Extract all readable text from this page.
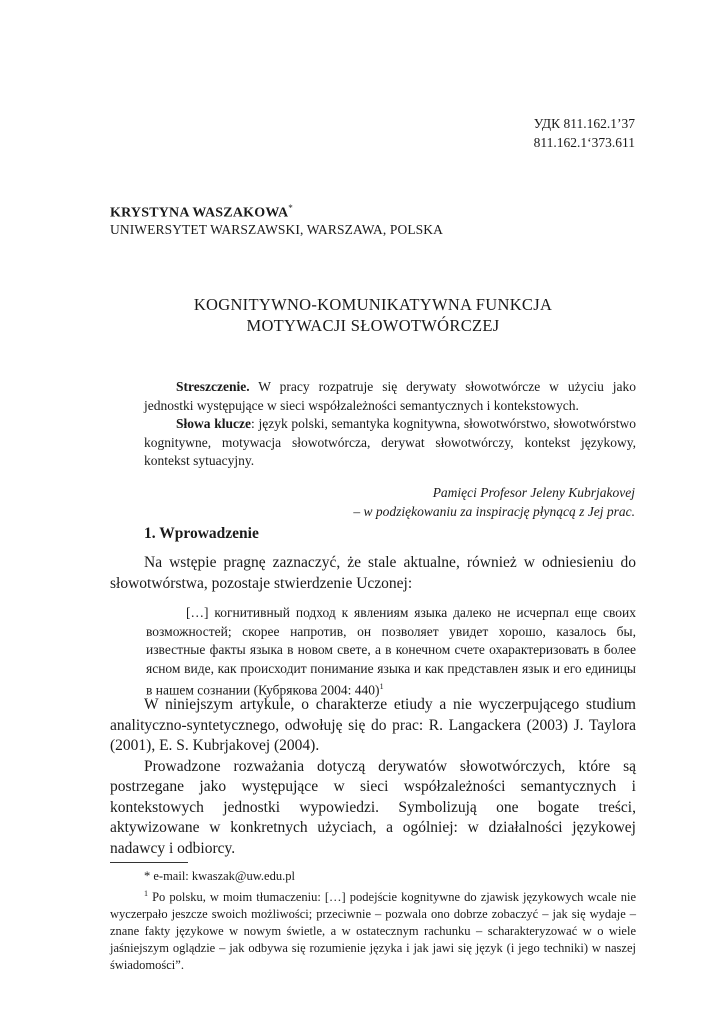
УДК 811.162.1’37
811.162.1‘373.611
KRYSTYNA WASZAKOWA*
UNIWERSYTET WARSZAWSKI, WARSZAWA, POLSKA
KOGNITYWNO-KOMUNIKATYWNA FUNKCJA
MOTYWACJI SŁOWOTWÓRCZEJ

Streszczenie. W pracy rozpatruje się derywaty słowotwórcze w użyciu jako jednostki występujące w sieci współzależności semantycznych i kontekstowych.

Słowa klucze: język polski, semantyka kognitywna, słowotwórstwo, słowotwórstwo kognitywne, motywacja słowotwórcza, derywat słowotwórczy, kontekst językowy, kontekst sytuacyjny.

Pamięci Profesor Jeleny Kubrjakovej
– w podziękowaniu za inspirację płynącą z Jej prac.
1. Wprowadzenie

Na wstępie pragnę zaznaczyć, że stale aktualne, również w odniesieniu do słowotwórstwa, pozostaje stwierdzenie Uczonej:

[…] когнитивный подход к явлениям языка далеко не исчерпал еще своих возможностей; скорее напротив, он позволяет увидет хорошо, казалось бы, известные факты языка в новом свете, а в конечном счете охарактеризовать в более ясном виде, как происходит понимание языка и как представлен язык и его единицы в нашем сознании (Кубрякова 2004: 440)$^1$

W niniejszym artykule, o charakterze etiudy a nie wyczerpującego studium analityczno-syntetycznego, odwołuję się do prac: R. Langackera (2003) J. Taylora (2001), E. S. Kubrjakovej (2004).

Prowadzone rozważania dotyczą derywatów słowotwórczych, które są postrzegane jako występujące w sieci współzależności semantycznych i kontekstowych jednostki wypowiedzi. Symbolizują one bogate treści, aktywizowane w konkretnych użyciach, a ogólniej: w działalności językowej nadawcy i odbiorcy.

* e-mail: kwaszak@uw.edu.pl

$^1$ Po polsku, w moim tłumaczeniu: […] podejście kognitywne do zjawisk językowych wcale nie wyczerpało jeszcze swoich możliwości; przeciwnie – pozwala ono dobrze zobaczyć – jak się wydaje – znane fakty językowe w nowym świetle, a w ostatecznym rachunku – scharakteryzować w o wiele jaśniejszym oglądzie – jak odbywa się rozumienie języka i jak jawi się język (i jego techniki) w naszej świadomości”.
